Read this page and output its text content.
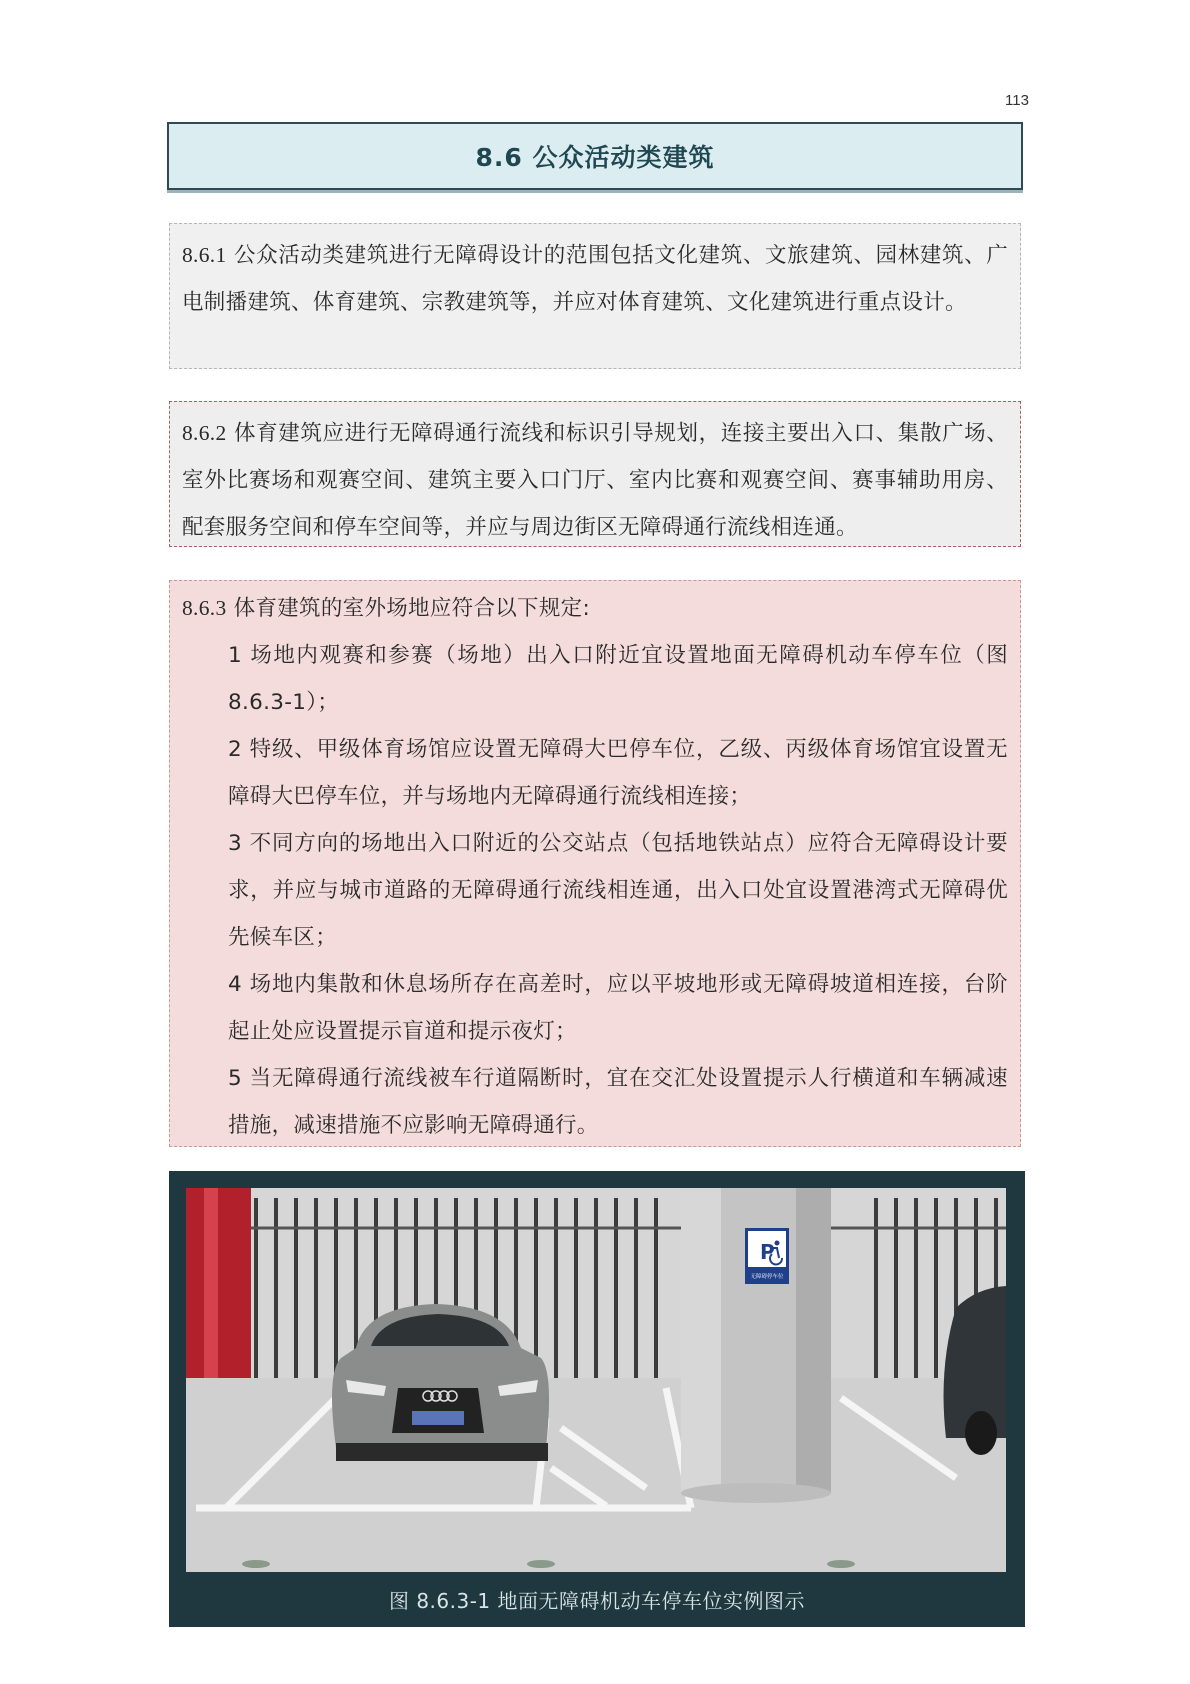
113
8.6 公众活动类建筑
8.6.1 公众活动类建筑进行无障碍设计的范围包括文化建筑、文旅建筑、园林建筑、广电制播建筑、体育建筑、宗教建筑等，并应对体育建筑、文化建筑进行重点设计。
8.6.2 体育建筑应进行无障碍通行流线和标识引导规划，连接主要出入口、集散广场、室外比赛场和观赛空间、建筑主要入口门厅、室内比赛和观赛空间、赛事辅助用房、配套服务空间和停车空间等，并应与周边街区无障碍通行流线相连通。
8.6.3 体育建筑的室外场地应符合以下规定:
1 场地内观赛和参赛（场地）出入口附近宜设置地面无障碍机动车停车位（图 8.6.3-1）；
2 特级、甲级体育场馆应设置无障碍大巴停车位，乙级、丙级体育场馆宜设置无障碍大巴停车位，并与场地内无障碍通行流线相连接；
3 不同方向的场地出入口附近的公交站点（包括地铁站点）应符合无障碍设计要求，并应与城市道路的无障碍通行流线相连通，出入口处宜设置港湾式无障碍优先候车区；
4 场地内集散和休息场所存在高差时，应以平坡地形或无障碍坡道相连接，台阶起止处应设置提示盲道和提示夜灯；
5 当无障碍通行流线被车行道隔断时，宜在交汇处设置提示人行横道和车辆减速措施，减速措施不应影响无障碍通行。
P
无障碍停车位
图 8.6.3-1 地面无障碍机动车停车位实例图示
